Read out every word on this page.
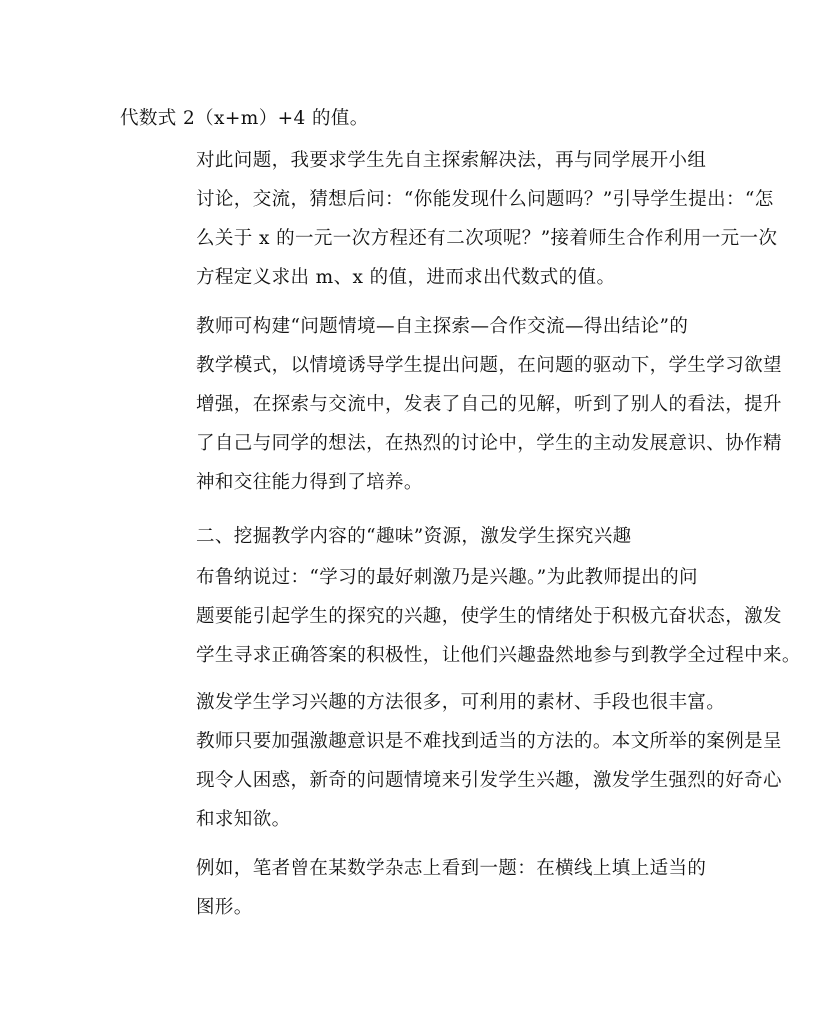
代数式 2（x+m）+4 的值。

对此问题，我要求学生先自主探索解决法，再与同学展开小组
讨论，交流，猜想后问：“你能发现什么问题吗？”引导学生提出：“怎
么关于 x 的一元一次方程还有二次项呢？”接着师生合作利用一元一次
方程定义求出 m、x 的值，进而求出代数式的值。

教师可构建“问题情境—自主探索—合作交流—得出结论”的
教学模式，以情境诱导学生提出问题，在问题的驱动下，学生学习欲望
增强，在探索与交流中，发表了自己的见解，听到了别人的看法，提升
了自己与同学的想法，在热烈的讨论中，学生的主动发展意识、协作精
神和交往能力得到了培养。

二、挖掘教学内容的“趣味”资源，激发学生探究兴趣

布鲁纳说过：“学习的最好刺激乃是兴趣。”为此教师提出的问
题要能引起学生的探究的兴趣，使学生的情绪处于积极亢奋状态，激发
学生寻求正确答案的积极性，让他们兴趣盎然地参与到教学全过程中来。

激发学生学习兴趣的方法很多，可利用的素材、手段也很丰富。
教师只要加强激趣意识是不难找到适当的方法的。本文所举的案例是呈
现令人困惑，新奇的问题情境来引发学生兴趣，激发学生强烈的好奇心
和求知欲。

例如，笔者曾在某数学杂志上看到一题：在横线上填上适当的
图形。
